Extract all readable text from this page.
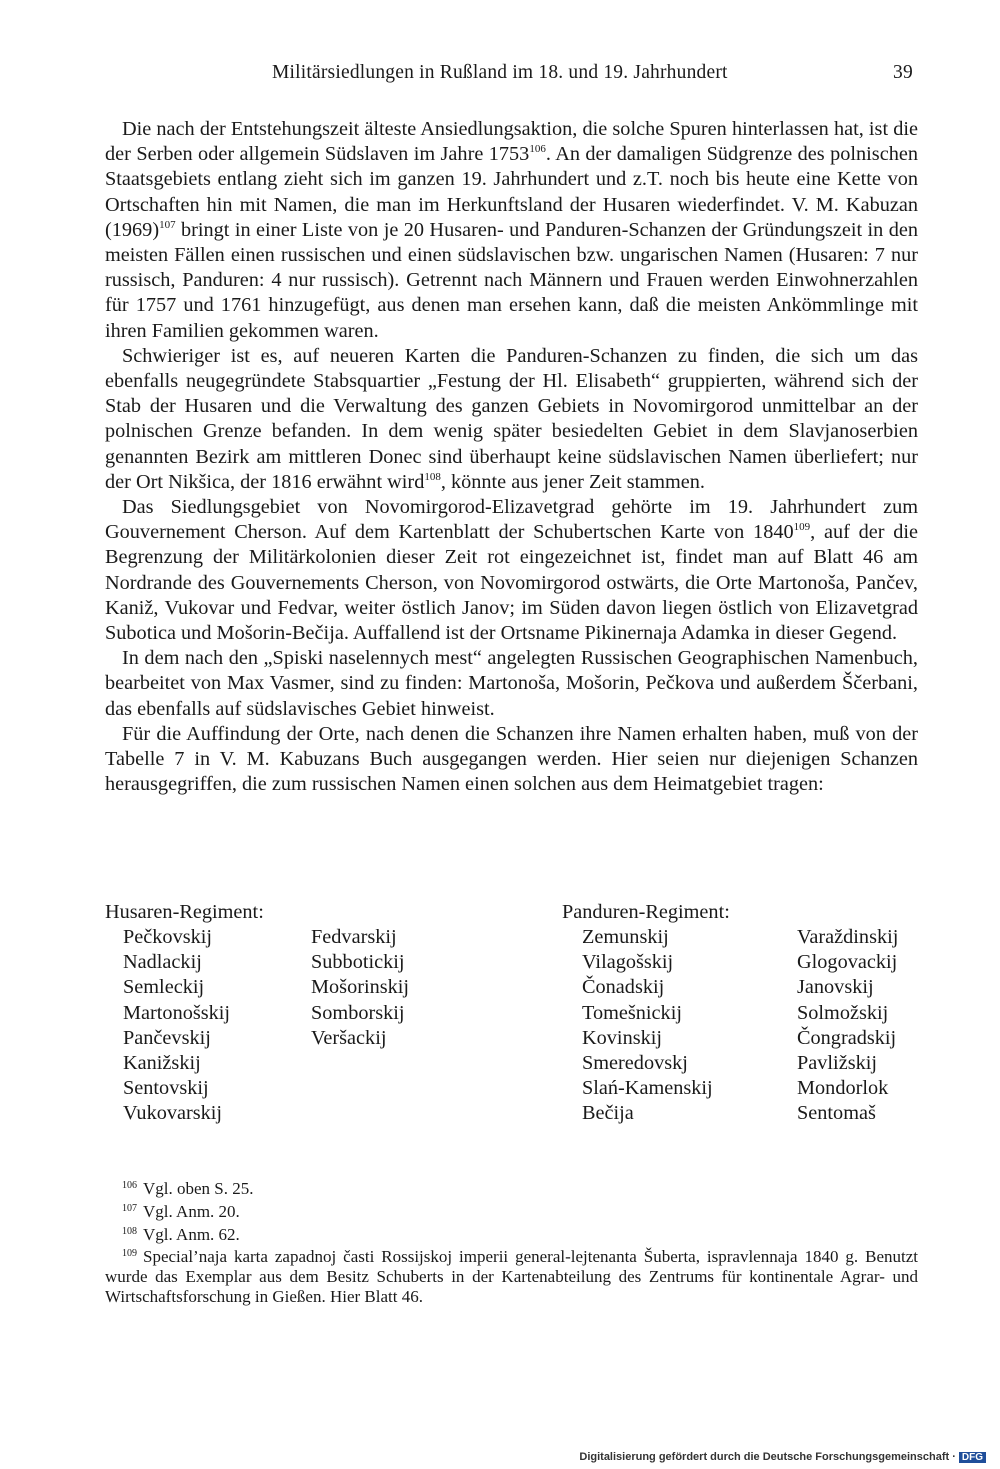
Militärsiedlungen in Rußland im 18. und 19. Jahrhundert	39

Die nach der Entstehungszeit älteste Ansiedlungsaktion, die solche Spuren hinterlassen hat, ist die der Serben oder allgemein Südslaven im Jahre 1753$^{106}$. An der damaligen Südgrenze des polnischen Staatsgebiets entlang zieht sich im ganzen 19. Jahrhundert und z.T. noch bis heute eine Kette von Ortschaften hin mit Namen, die man im Herkunftsland der Husaren wiederfindet. V. M. Kabuzan (1969)$^{107}$ bringt in einer Liste von je 20 Husaren- und Panduren-Schanzen der Gründungszeit in den meisten Fällen einen russischen und einen südslavischen bzw. ungarischen Namen (Husaren: 7 nur russisch, Panduren: 4 nur russisch). Getrennt nach Männern und Frauen werden Einwohnerzahlen für 1757 und 1761 hinzugefügt, aus denen man ersehen kann, daß die meisten Ankömmlinge mit ihren Familien gekommen waren.

Schwieriger ist es, auf neueren Karten die Panduren-Schanzen zu finden, die sich um das ebenfalls neugegründete Stabsquartier „Festung der Hl. Elisabeth“ gruppierten, während sich der Stab der Husaren und die Verwaltung des ganzen Gebiets in Novomirgorod unmittelbar an der polnischen Grenze befanden. In dem wenig später besiedelten Gebiet in dem Slavjanoserbien genannten Bezirk am mittleren Donec sind überhaupt keine südslavischen Namen überliefert; nur der Ort Nikšica, der 1816 erwähnt wird$^{108}$, könnte aus jener Zeit stammen.

Das Siedlungsgebiet von Novomirgorod-Elizavetgrad gehörte im 19. Jahrhundert zum Gouvernement Cherson. Auf dem Kartenblatt der Schubertschen Karte von 1840$^{109}$, auf der die Begrenzung der Militärkolonien dieser Zeit rot eingezeichnet ist, findet man auf Blatt 46 am Nordrande des Gouvernements Cherson, von Novomirgorod ostwärts, die Orte Martonoša, Pančev, Kaniž, Vukovar und Fedvar, weiter östlich Janov; im Süden davon liegen östlich von Elizavetgrad Subotica und Mošorin-Bečija. Auffallend ist der Ortsname Pikinernaja Adamka in dieser Gegend.

In dem nach den „Spiski naselennych mest“ angelegten Russischen Geographischen Namenbuch, bearbeitet von Max Vasmer, sind zu finden: Martonoša, Mošorin, Pečkova und außerdem Ščerbani, das ebenfalls auf südslavisches Gebiet hinweist.

Für die Auffindung der Orte, nach denen die Schanzen ihre Namen erhalten haben, muß von der Tabelle 7 in V. M. Kabuzans Buch ausgegangen werden. Hier seien nur diejenigen Schanzen herausgegriffen, die zum russischen Namen einen solchen aus dem Heimatgebiet tragen:

Husaren-Regiment:	Panduren-Regiment:
Pečkovskij
Nadlackij
Semleckij
Martonošskij
Pančevskij
Kanižskij
Sentovskij
Vukovarskij
Fedvarskij
Subbotickij
Mošorinskij
Somborskij
Veršackij
Zemunskij
Vilagošskij
Čonadskij
Tomešnickij
Kovinskij
Smeredovskj
Slań-Kamenskij
Bečija
Varaždinskij
Glogovackij
Janovskij
Solmožskij
Čongradskij
Pavližskij
Mondorlok
Sentomaš

$^{106}$ Vgl. oben S. 25.

$^{107}$ Vgl. Anm. 20.

$^{108}$ Vgl. Anm. 62.

$^{109}$ Special’naja karta zapadnoj časti Rossijskoj imperii general-lejtenanta Šuberta, ispravlennaja 1840 g. Benutzt wurde das Exemplar aus dem Besitz Schuberts in der Kartenabteilung des Zentrums für kontinentale Agrar- und Wirtschaftsforschung in Gießen. Hier Blatt 46.

Digitalisierung gefördert durch die Deutsche Forschungsgemeinschaft · DFG
